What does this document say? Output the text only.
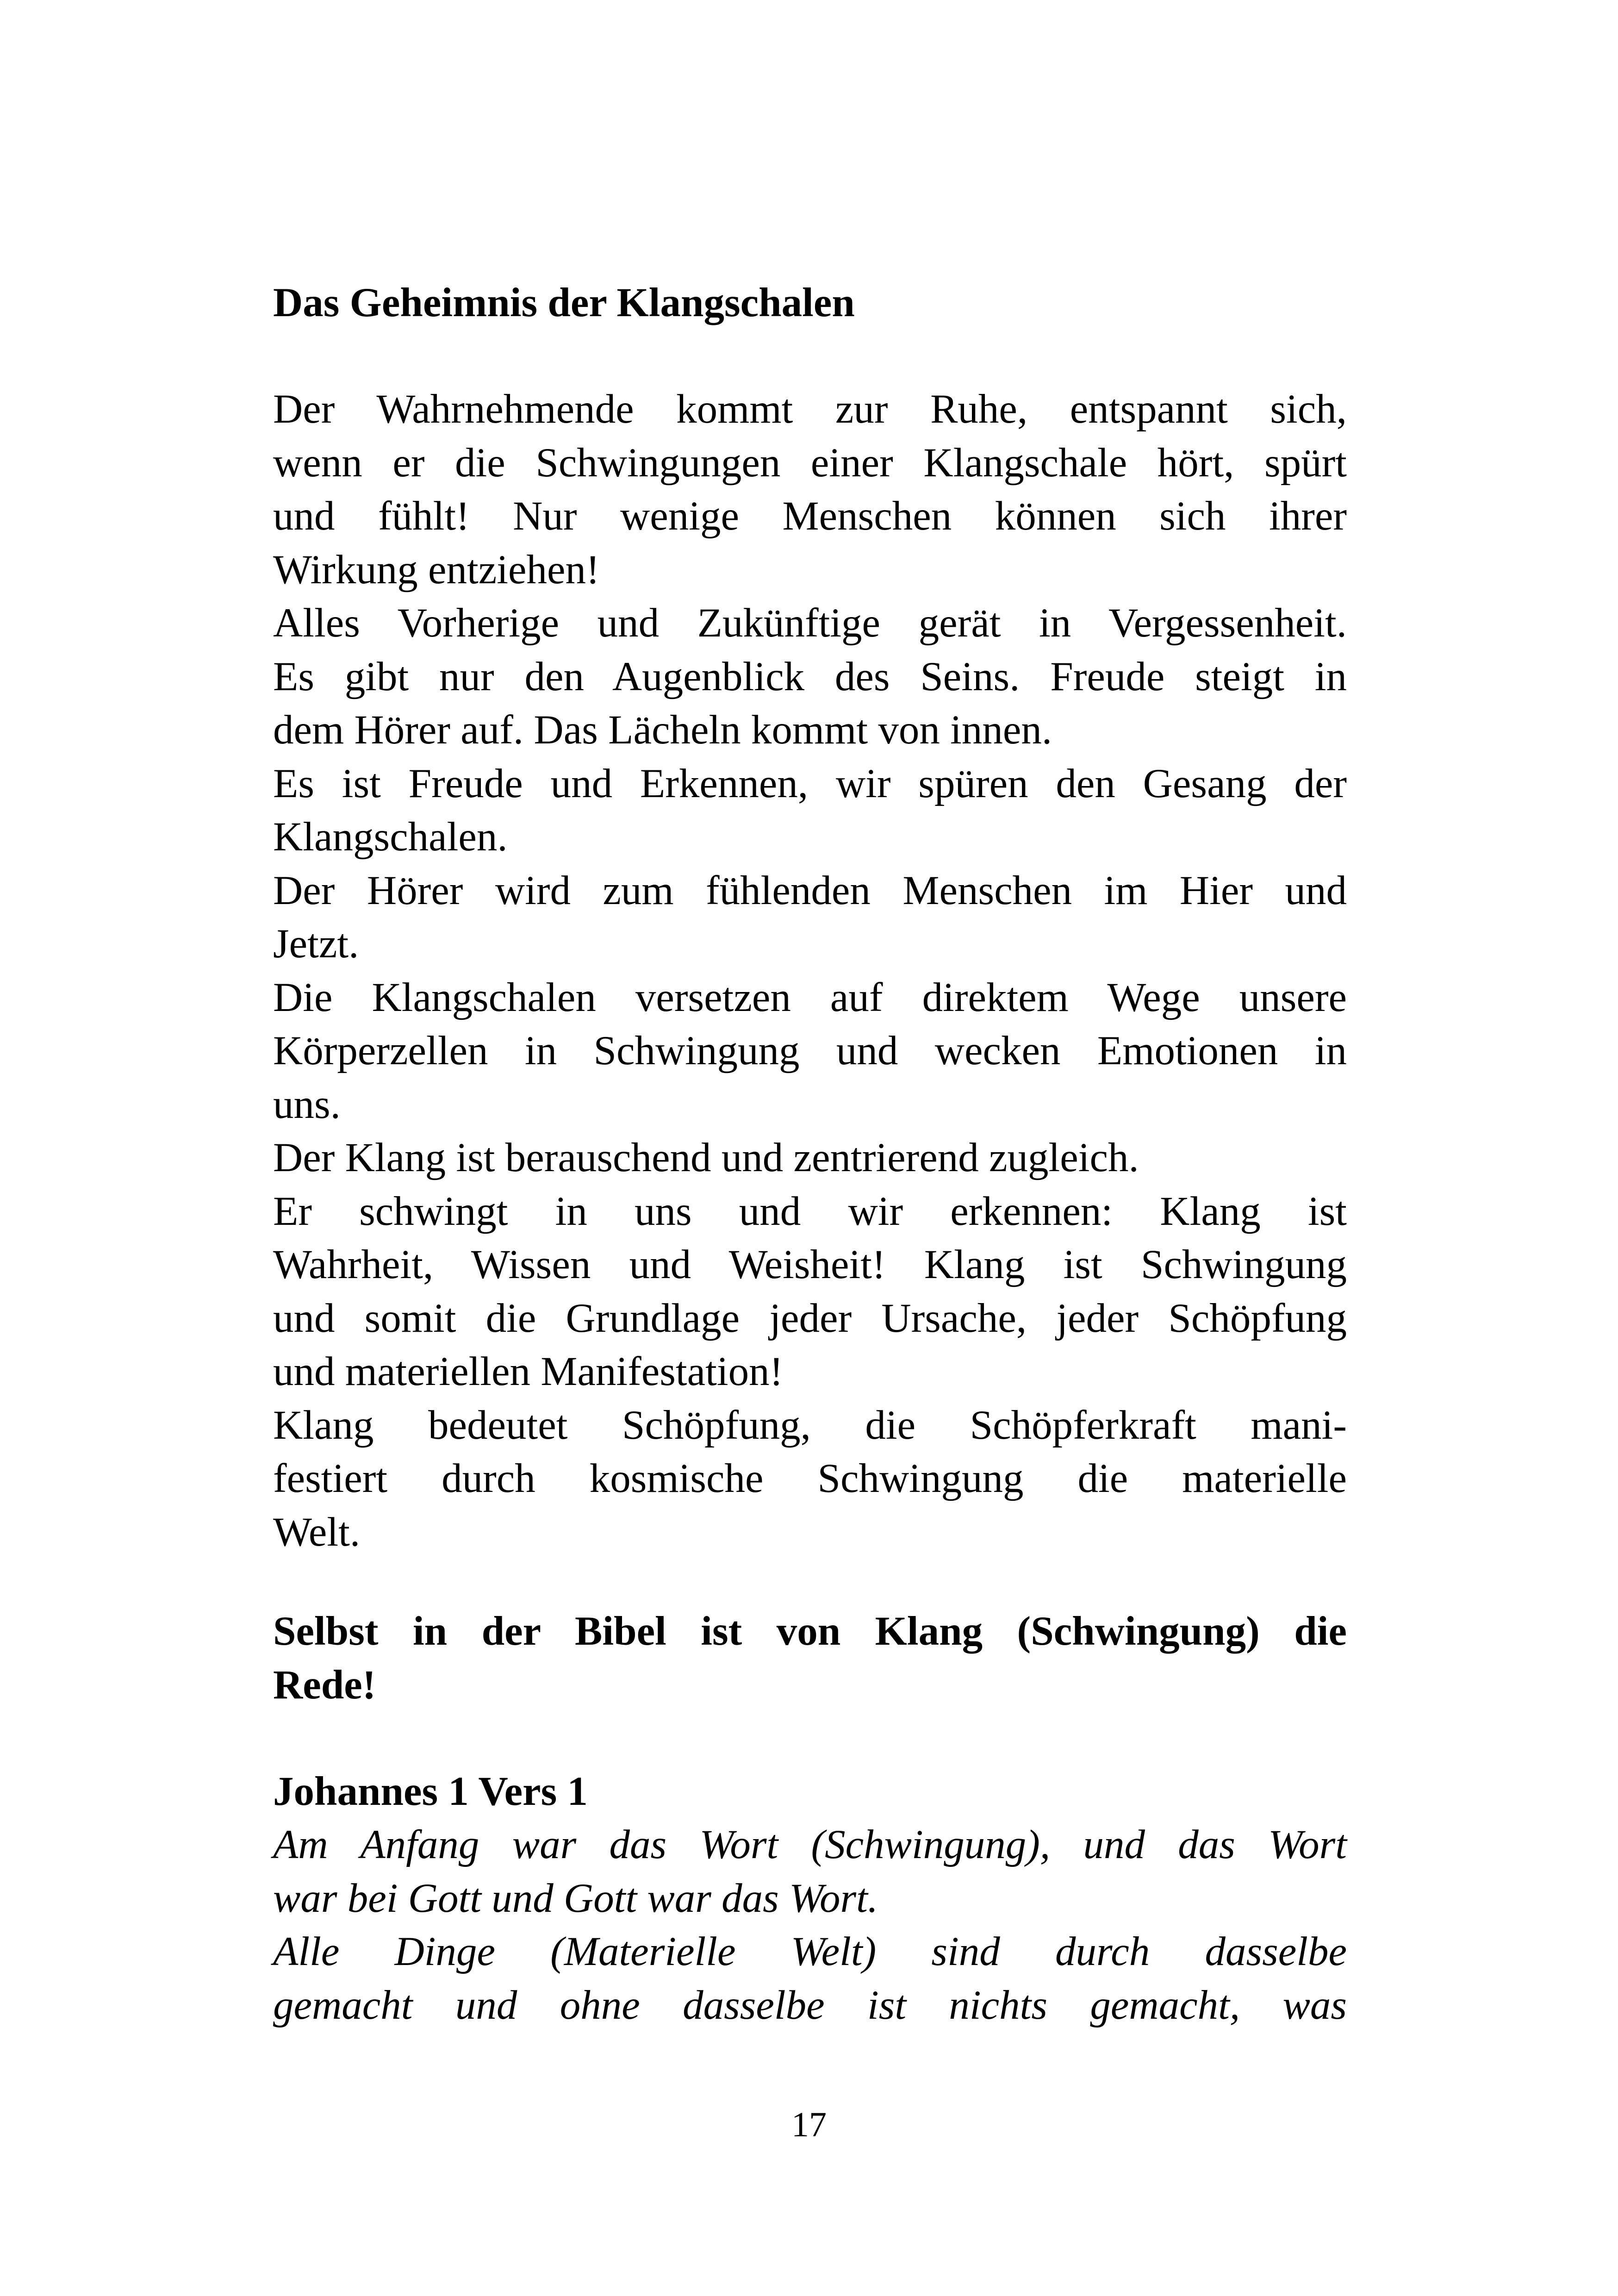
Das Geheimnis der Klangschalen
Der Wahrnehmende kommt zur Ruhe, entspannt sich,
wenn er die Schwingungen einer Klangschale hört, spürt
und fühlt! Nur wenige Menschen können sich ihrer
Wirkung entziehen!
Alles Vorherige und Zukünftige gerät in Vergessenheit.
Es gibt nur den Augenblick des Seins. Freude steigt in
dem Hörer auf. Das Lächeln kommt von innen.
Es ist Freude und Erkennen, wir spüren den Gesang der
Klangschalen.
Der Hörer wird zum fühlenden Menschen im Hier und
Jetzt.
Die Klangschalen versetzen auf direktem Wege unsere
Körperzellen in Schwingung und wecken Emotionen in
uns.
Der Klang ist berauschend und zentrierend zugleich.
Er schwingt in uns und wir erkennen: Klang ist
Wahrheit, Wissen und Weisheit! Klang ist Schwingung
und somit die Grundlage jeder Ursache, jeder Schöpfung
und materiellen Manifestation!
Klang bedeutet Schöpfung, die Schöpferkraft mani-
festiert durch kosmische Schwingung die materielle
Welt.
Selbst in der Bibel ist von Klang (Schwingung) die
Rede!
Johannes 1 Vers 1
Am Anfang war das Wort (Schwingung), und das Wort
war bei Gott und Gott war das Wort.
Alle Dinge (Materielle Welt) sind durch dasselbe
gemacht und ohne dasselbe ist nichts gemacht, was
17
